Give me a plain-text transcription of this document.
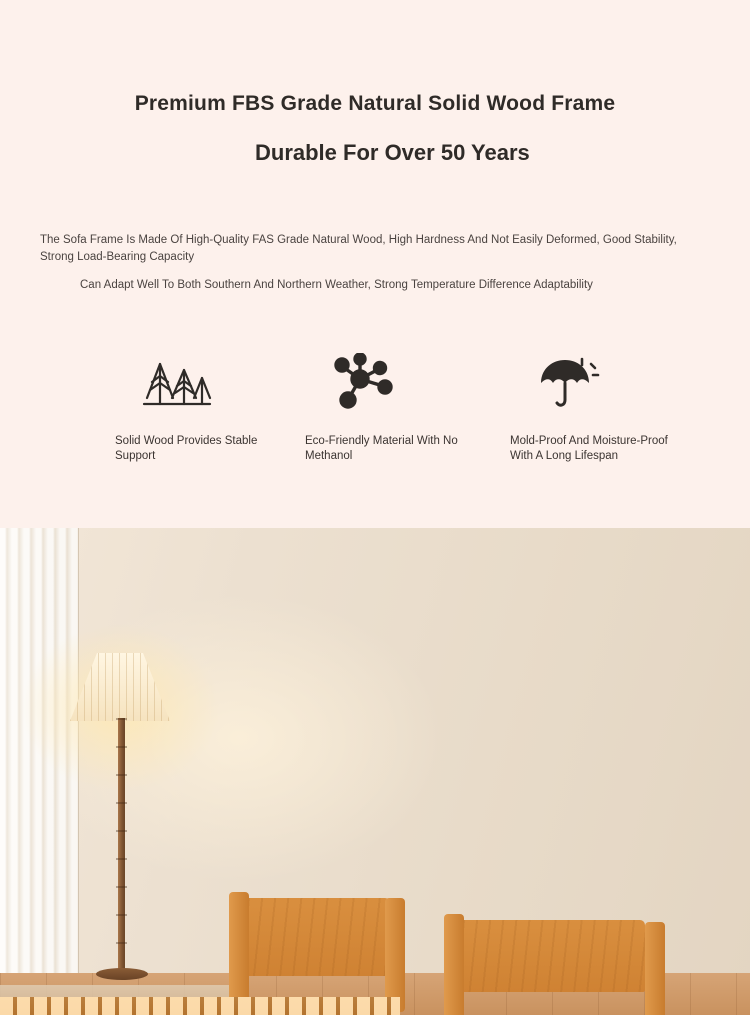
Premium FBS Grade Natural Solid Wood Frame
Durable For Over 50 Years
The Sofa Frame Is Made Of High-Quality FAS Grade Natural Wood, High Hardness And Not Easily Deformed, Good Stability, Strong Load-Bearing Capacity
Can Adapt Well To Both Southern And Northern Weather, Strong Temperature Difference Adaptability
Solid Wood Provides Stable Support
Eco-Friendly Material With No Methanol
Mold-Proof And Moisture-Proof With A Long Lifespan
